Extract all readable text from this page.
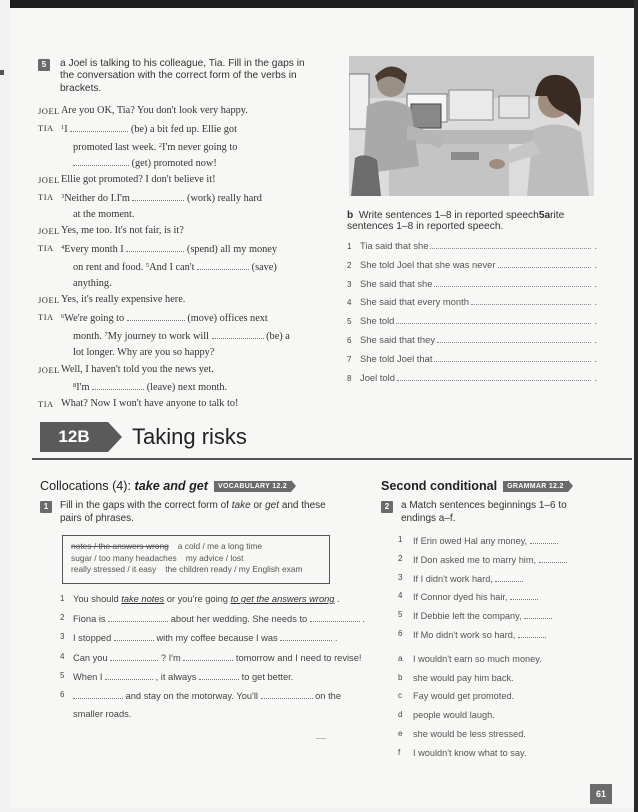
5	a Joel is talking to his colleague, Tia. Fill in the gaps in the conversation with the correct form of the verbs in brackets.
JOEL Are you OK, Tia? You don't look very happy.
TIA $^1$I	(be) a bit fed up. Ellie got
promoted last week. $^2$I'm never going to
(get) promoted now!
JOEL Ellie got promoted? I don't believe it!
TIA $^3$Neither do I.I'm	(work) really hard
at the moment.
JOEL Yes, me too. It's not fair, is it?
TIA $^4$Every month I	(spend) all my money
on rent and food. $^5$And I can't	(save)
anything.
JOEL Yes, it's really expensive here.
TIA $^6$We're going to	(move) offices next
month. $^7$My journey to work will	(be) a
lot longer. Why are you so happy?
JOEL Well, I haven't told you the news yet.
$^8$I'm	(leave) next month.
TIA What? Now I won't have anyone to talk to!
b Write sentences 1–8 in reported speech5arite sentences 1–8 in reported speech.
1 Tia said that she	.
2 She told Joel that she was never	.
3 She said that she	.
4 She said that every month	.
5 She told	.
6 She said that they	.
7 She told Joel that	.
8 Joel told	.
12B	Taking risks
Collocations (4):
take and get	VOCABULARY 12.2
1	Fill in the gaps with the correct form of take or get and these pairs of phrases.
notes / the answers wrong a cold / me a long time
sugar / too many headaches my advice / lost
really stressed / it easy the children ready / my English exam
1 You should take notes or you're going to get the answers wrong .
2 Fiona is	about her wedding. She needs to	.
3 I stopped	with my coffee because I was	.
4 Can you	? I'm	tomorrow and I need to revise!
5 When I	, it always	to get better.
6	and stay on the motorway. You'll	on the
smaller roads.
Second conditional	GRAMMAR 12.2
2	a Match sentences beginnings 1–6 to endings a–f.
1 If Erin owed Hal any money,
2 If Don asked me to marry him,
3 If I didn't work hard,
4 If Connor dyed his hair,
5 If Debbie left the company,
6 If Mo didn't work so hard,
a I wouldn't earn so much money.
b she would pay him back.
c Fay would get promoted.
d people would laugh.
e she would be less stressed.
f I wouldn't know what to say.
61
